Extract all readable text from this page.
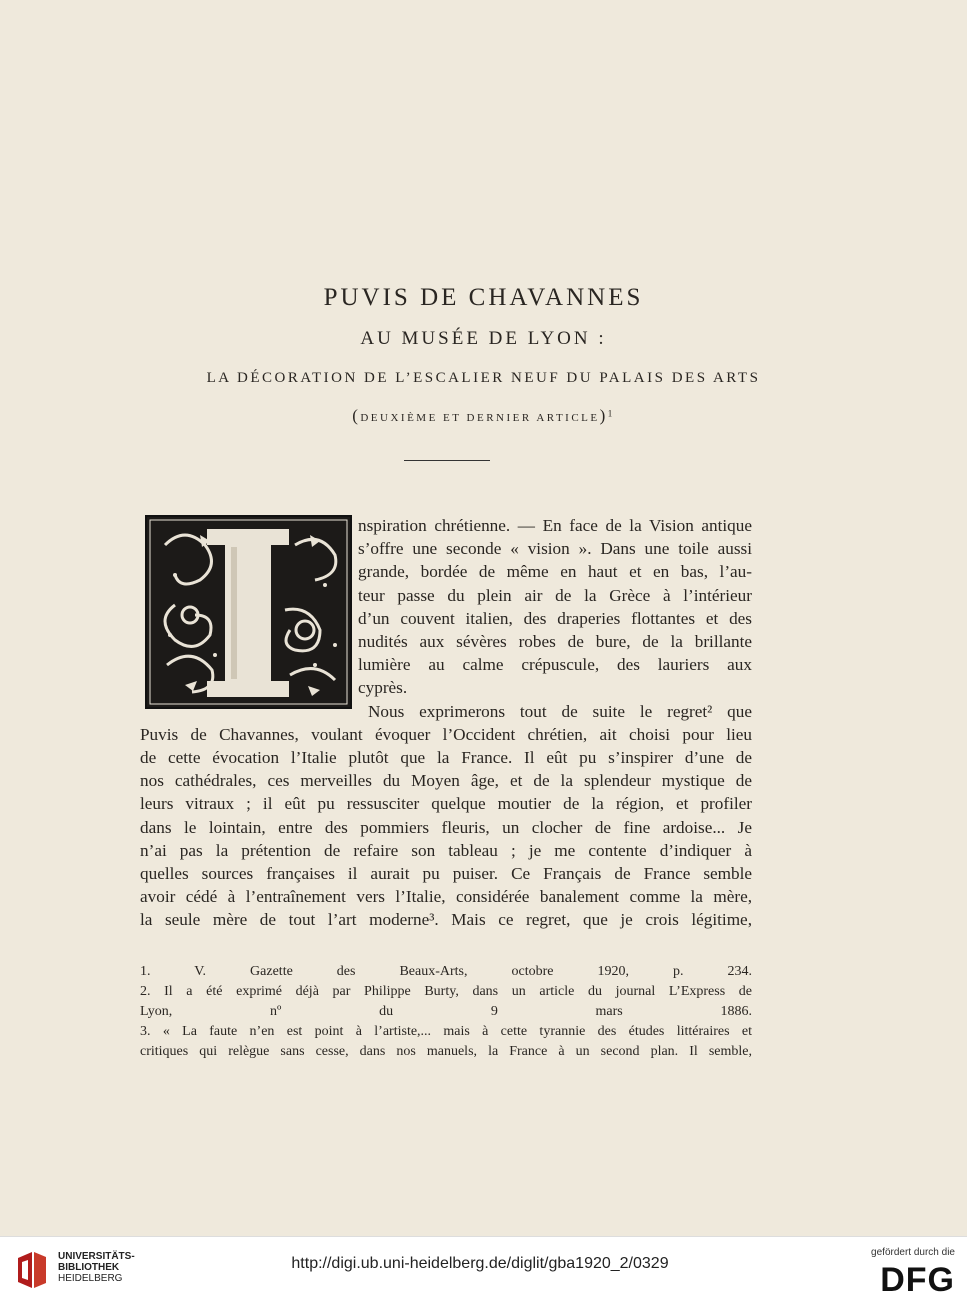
PUVIS DE CHAVANNES
AU MUSÉE DE LYON :
LA DÉCORATION DE L’ESCALIER NEUF DU PALAIS DES ARTS
(DEUXIÈME ET DERNIER ARTICLE)$^1$
nspiration chrétienne. — En face de la Vision antique
s’offre une seconde « vision ». Dans une toile aussi
grande, bordée de même en haut et en bas, l’au-
teur passe du plein air de la Grèce à l’intérieur
d’un couvent italien, des draperies flottantes et des
nudités aux sévères robes de bure, de la brillante
lumière au calme crépuscule, des lauriers aux
cyprès.
Nous exprimerons tout de suite le regret² que
Puvis de Chavannes, voulant évoquer l’Occident chrétien, ait choisi pour lieu
de cette évocation l’Italie plutôt que la France. Il eût pu s’inspirer d’une de
nos cathédrales, ces merveilles du Moyen âge, et de la splendeur mystique de
leurs vitraux ; il eût pu ressusciter quelque moutier de la région, et profiler
dans le lointain, entre des pommiers fleuris, un clocher de fine ardoise... Je
n’ai pas la prétention de refaire son tableau ; je me contente d’indiquer à
quelles sources françaises il aurait pu puiser. Ce Français de France semble
avoir cédé à l’entraînement vers l’Italie, considérée banalement comme la mère,
la seule mère de tout l’art moderne³. Mais ce regret, que je crois légitime,
1. V. Gazette des Beaux-Arts, octobre 1920, p. 234.
2. Il a été exprimé déjà par Philippe Burty, dans un article du journal L’Express de
Lyon, nº du 9 mars 1886.
3. « La faute n’en est point à l’artiste,... mais à cette tyrannie des études littéraires et
critiques qui relègue sans cesse, dans nos manuels, la France à un second plan. Il semble,
UNIVERSITÄTS-
BIBLIOTHEK
HEIDELBERG
http://digi.ub.uni-heidelberg.de/diglit/gba1920_2/0329
gefördert durch die
DFG
